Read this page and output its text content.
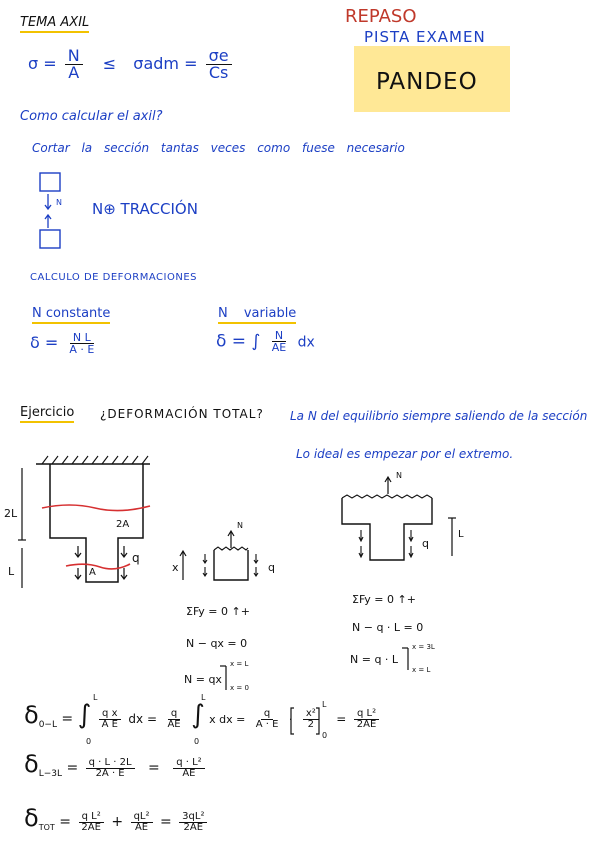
TEMA AXIL	REPASO
PISTA EXAMEN
PANDEO
$\sigma = \frac{N}{A} \le \sigma adm = \frac{\sigma e}{Cs}$
Como calcular el axil?
Cortar la sección tantas veces como fuese necesario
N N⊕ TRACCIÓN
CALCULO DE DEFORMACIONES
N constante	N variable
$\delta = \frac{\text{N L}}{A \cdot E}$	δ = ∫ $\frac{N}{AE}$ dx
Ejercicio ¿DEFORMACIÓN TOTAL? La N del equilibrio siempre saliendo de la sección
Lo ideal es empezar por el extremo.
2L
L
2A
A
q
x
N
q
N
q
L
ΣFy = 0 ↑+
N − qx = 0
N = qx
x = L
x = 0
ΣFy = 0 ↑+
N − q · L = 0
N = q · L
x = 3L
x = L
$\delta_{0-L}$ = ∫ $\frac{\text{q x}}{\text{A E}}$ dx = $\frac{q}{AE}$ ∫ x dx = $\frac{q}{A \cdot E} \cdot \frac{\text{x²}}{2} = \frac{\text{q L²}}{2AE}$
L
0
L
0
L
0
$\delta_{L-3L} = \frac{q \cdot L \cdot 2L}{2A \cdot E} = \frac{\text{q · L²}}{AE}$
$\delta_{TOT} = \frac{\text{q L²}}{2AE} + \frac{\text{qL²}}{AE} = \frac{\text{3qL²}}{2AE}$
